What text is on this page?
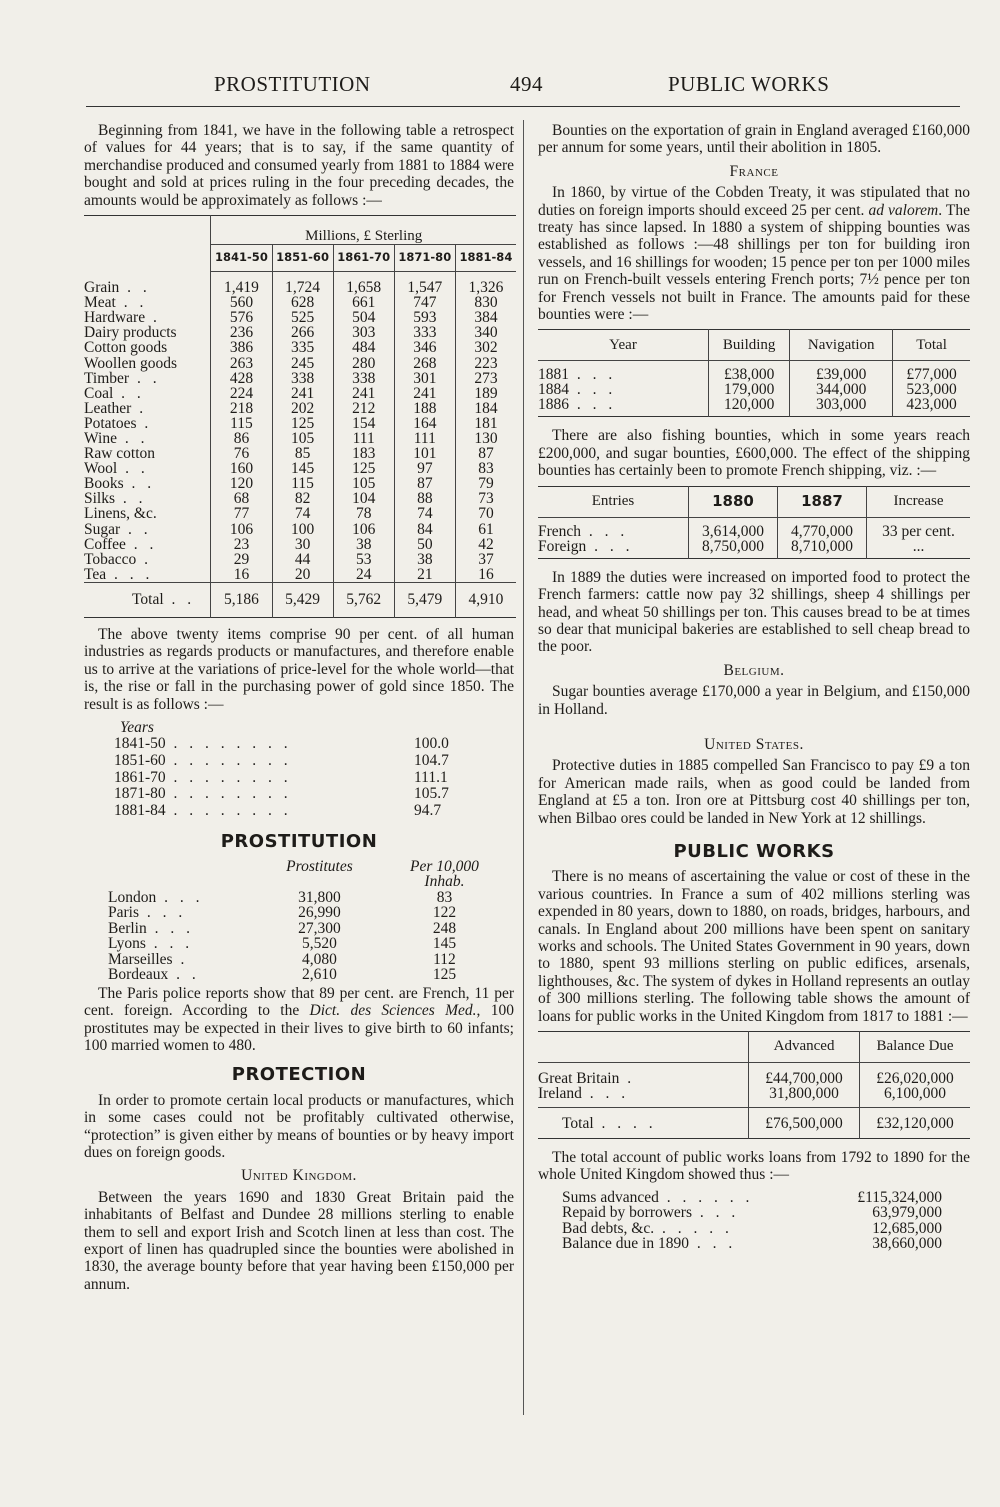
PROSTITUTION	494	PUBLIC WORKS

Beginning from 1841, we have in the following table a retrospect of values for 44 years; that is to say, if the same quantity of merchandise produced and consumed yearly from 1881 to 1884 were bought and sold at prices ruling in the four preceding decades, the amounts would be approximately as follows :—

	Millions, £ Sterling				
	1841-50	1851-60	1861-70	1871-80	1881-84
Grain . .	1,419	1,724	1,658	1,547	1,326
Meat . .	560	628	661	747	830
Hardware .	576	525	504	593	384
Dairy products	236	266	303	333	340
Cotton goods	386	335	484	346	302
Woollen goods	263	245	280	268	223
Timber . .	428	338	338	301	273
Coal . .	224	241	241	241	189
Leather .	218	202	212	188	184
Potatoes .	115	125	154	164	181
Wine . .	86	105	111	111	130
Raw cotton	76	85	183	101	87
Wool . .	160	145	125	97	83
Books . .	120	115	105	87	79
Silks . .	68	82	104	88	73
Linens, &c.	77	74	78	74	70
Sugar . .	106	100	106	84	61
Coffee . .	23	30	38	50	42
Tobacco .	29	44	53	38	37
Tea . . .	16	20	24	21	16
Total . .	5,186	5,429	5,762	5,479	4,910

The above twenty items comprise 90 per cent. of all human industries as regards products or manufactures, and therefore enable us to arrive at the variations of price-level for the whole world—that is, the rise or fall in the purchasing power of gold since 1850. The result is as follows :—

Years
1841-50 . . . . . . . .	100.0
1851-60 . . . . . . . .	104.7
1861-70 . . . . . . . .	111.1
1871-80 . . . . . . . .	105.7
1881-84 . . . . . . . .	94.7
PROSTITUTION
	Prostitutes	Per 10,000
Inhab.

London . . .	31,800	83
Paris . . .	26,990	122
Berlin . . .	27,300	248
Lyons . . .	5,520	145
Marseilles .	4,080	112
Bordeaux . .	2,610	125

The Paris police reports show that 89 per cent. are French, 11 per cent. foreign. According to the Dict. des Sciences Med., 100 prostitutes may be expected in their lives to give birth to 60 infants; 100 married women to 480.

PROTECTION

In order to promote certain local products or manufactures, which in some cases could not be profitably cultivated otherwise, “protection” is given either by means of bounties or by heavy import dues on foreign goods.

United Kingdom.

Between the years 1690 and 1830 Great Britain paid the inhabitants of Belfast and Dundee 28 millions sterling to enable them to sell and export Irish and Scotch linen at less than cost. The export of linen has quadrupled since the bounties were abolished in 1830, the average bounty before that year having been £150,000 per annum.

Bounties on the exportation of grain in England averaged £160,000 per annum for some years, until their abolition in 1805.

France

In 1860, by virtue of the Cobden Treaty, it was stipulated that no duties on foreign imports should exceed 25 per cent. ad valorem. The treaty has since lapsed. In 1880 a system of shipping bounties was established as follows :—48 shillings per ton for building iron vessels, and 16 shillings for wooden; 15 pence per ton per 1000 miles run on French-built vessels entering French ports; 7½ pence per ton for French vessels not built in France. The amounts paid for these bounties were :—

Year	Building	Navigation	Total

1881 . . .	£38,000	£39,000	£77,000
1884 . . .	179,000	344,000	523,000
1886 . . .	120,000	303,000	423,000

There are also fishing bounties, which in some years reach £200,000, and sugar bounties, £600,000. The effect of the shipping bounties has certainly been to promote French shipping, viz. :—

Entries	1880	1887	Increase

French . . .	3,614,000	4,770,000	33 per cent.
Foreign . . .	8,750,000	8,710,000	...

In 1889 the duties were increased on imported food to protect the French farmers: cattle now pay 32 shillings, sheep 4 shillings per head, and wheat 50 shillings per ton. This causes bread to be at times so dear that municipal bakeries are established to sell cheap bread to the poor.

Belgium.

Sugar bounties average £170,000 a year in Belgium, and £150,000 in Holland.

United States.

Protective duties in 1885 compelled San Francisco to pay £9 a ton for American made rails, when as good could be landed from England at £5 a ton. Iron ore at Pittsburg cost 40 shillings per ton, when Bilbao ores could be landed in New York at 12 shillings.

PUBLIC WORKS

There is no means of ascertaining the value or cost of these in the various countries. In France a sum of 402 millions sterling was expended in 80 years, down to 1880, on roads, bridges, harbours, and canals. In England about 200 millions have been spent on sanitary works and schools. The United States Government in 90 years, down to 1880, spent 93 millions sterling on public edifices, arsenals, lighthouses, &c. The system of dykes in Holland represents an outlay of 300 millions sterling. The following table shows the amount of loans for public works in the United Kingdom from 1817 to 1881 :—

	Advanced	Balance Due

Great Britain .	£44,700,000	£26,020,000
Ireland . . .	31,800,000	6,100,000

Total . . . .	£76,500,000	£32,120,000

The total account of public works loans from 1792 to 1890 for the whole United Kingdom showed thus :—

Sums advanced . . . . . .	£115,324,000
Repaid by borrowers . . .	63,979,000
Bad debts, &c. . . . . .	12,685,000
Balance due in 1890 . . .	38,660,000
